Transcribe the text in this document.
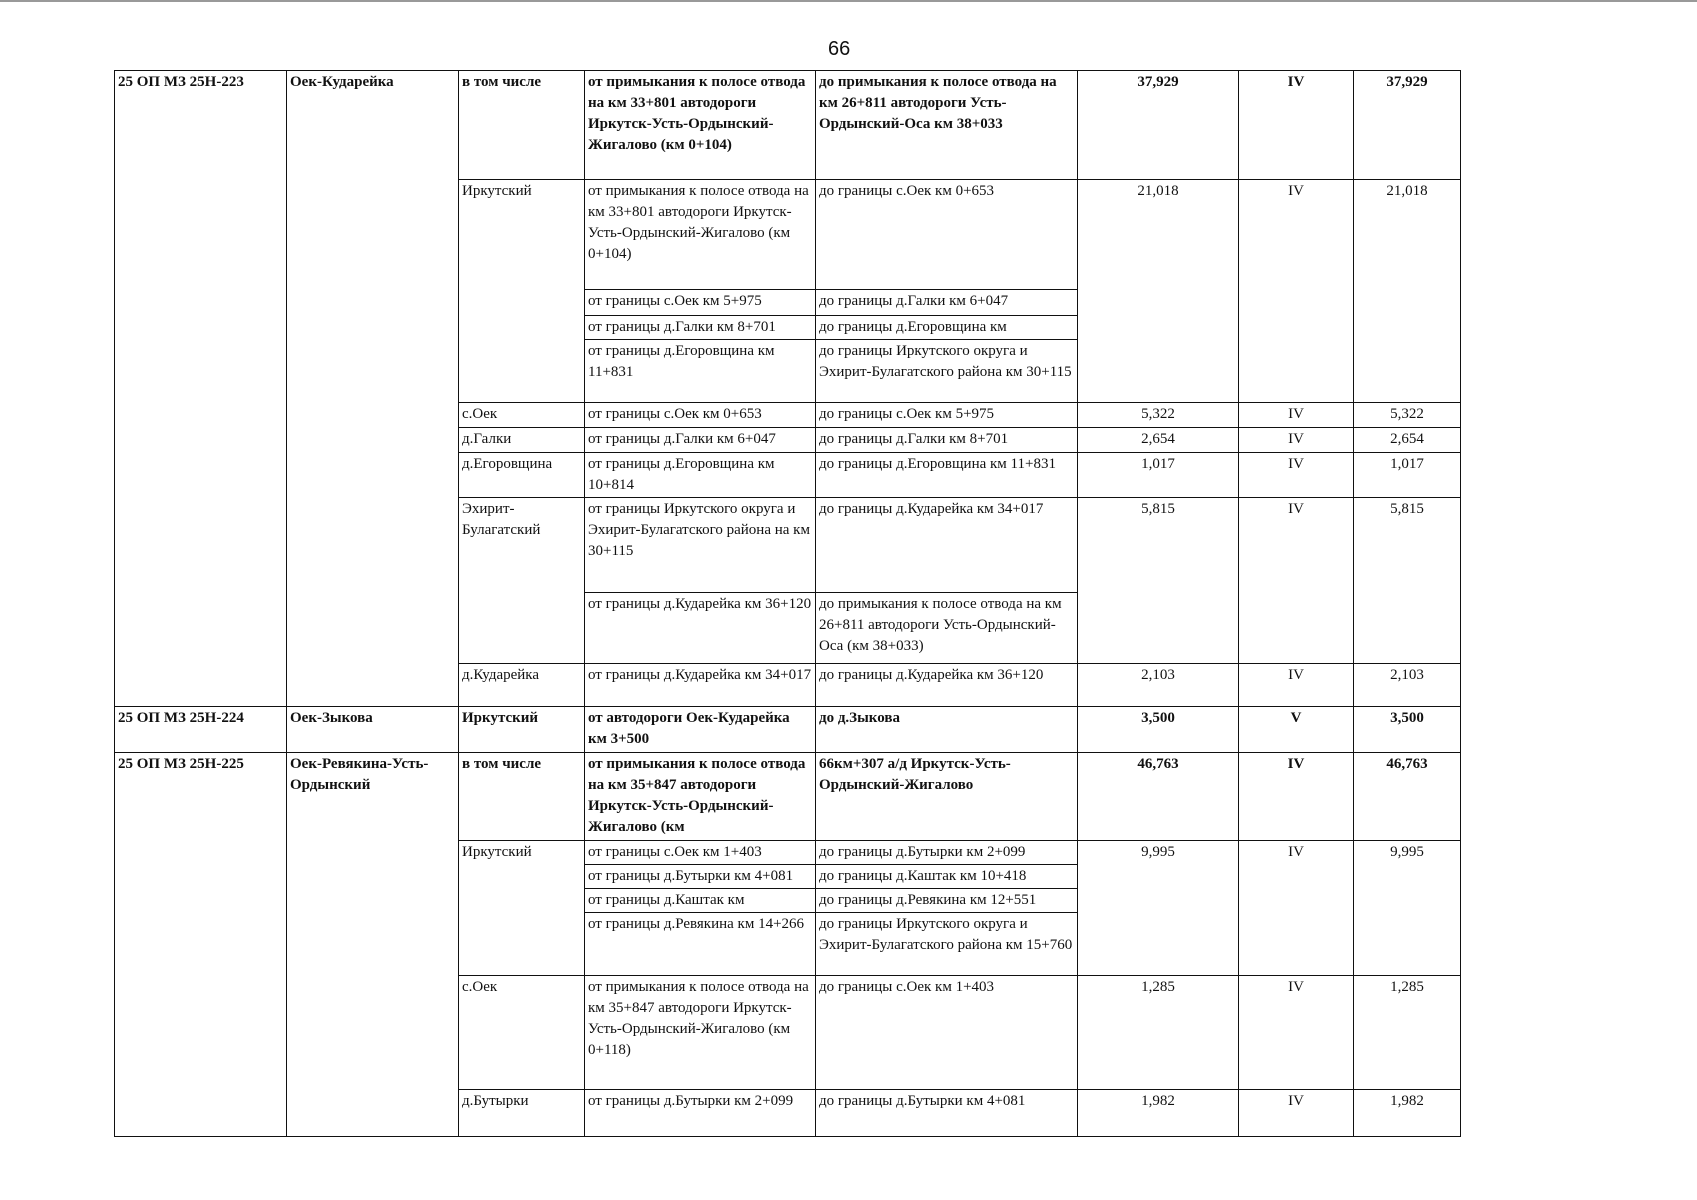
66
25 ОП МЗ 25Н-223	Оек-Кударейка	в том числе	от примыкания к полосе отвода на км 33+801 автодороги Иркутск-Усть-Ордынский-Жигалово (км 0+104)	до примыкания к полосе отвода на км 26+811 автодороги Усть-Ордынский-Оса км 38+033	37,929	IV	37,929
		Иркутский	от примыкания к полосе отвода на км 33+801 автодороги Иркутск-Усть-Ордынский-Жигалово (км 0+104)	до границы с.Оек км 0+653	21,018	IV	21,018
			от границы с.Оек км 5+975	до границы д.Галки км 6+047			
			от границы д.Галки км 8+701	до границы д.Егоровщина км			
			от границы д.Егоровщина км 11+831	до границы Иркутского округа и Эхирит-Булагатского района км 30+115			
		с.Оек	от границы с.Оек км 0+653	до границы с.Оек км 5+975	5,322	IV	5,322
		д.Галки	от границы д.Галки км 6+047	до границы д.Галки км 8+701	2,654	IV	2,654
		д.Егоровщина	от границы д.Егоровщина км 10+814	до границы д.Егоровщина км 11+831	1,017	IV	1,017
		Эхирит-Булагатский	от границы Иркутского округа и Эхирит-Булагатского района на км 30+115	до границы д.Кударейка км 34+017	5,815	IV	5,815
			от границы д.Кударейка км 36+120	до примыкания к полосе отвода на км 26+811 автодороги Усть-Ордынский-Оса (км 38+033)			
		д.Кударейка	от границы д.Кударейка км 34+017	до границы д.Кударейка км 36+120	2,103	IV	2,103
25 ОП МЗ 25Н-224	Оек-Зыкова	Иркутский	от автодороги Оек-Кударейка км 3+500	до д.Зыкова	3,500	V	3,500
25 ОП МЗ 25Н-225	Оек-Ревякина-Усть-Ордынский	в том числе	от примыкания к полосе отвода на км 35+847 автодороги Иркутск-Усть-Ордынский-Жигалово (км	66км+307 а/д Иркутск-Усть-Ордынский-Жигалово	46,763	IV	46,763
		Иркутский	от границы с.Оек км 1+403	до границы д.Бутырки км 2+099	9,995	IV	9,995
			от границы д.Бутырки км 4+081	до границы д.Каштак км 10+418			
			от границы д.Каштак км	до границы д.Ревякина км 12+551			
			от границы д.Ревякина км 14+266	до границы Иркутского округа и Эхирит-Булагатского района км 15+760			
		с.Оек	от примыкания к полосе отвода на км 35+847 автодороги Иркутск-Усть-Ордынский-Жигалово (км 0+118)	до границы с.Оек км 1+403	1,285	IV	1,285
		д.Бутырки	от границы д.Бутырки км 2+099	до границы д.Бутырки км 4+081	1,982	IV	1,982
